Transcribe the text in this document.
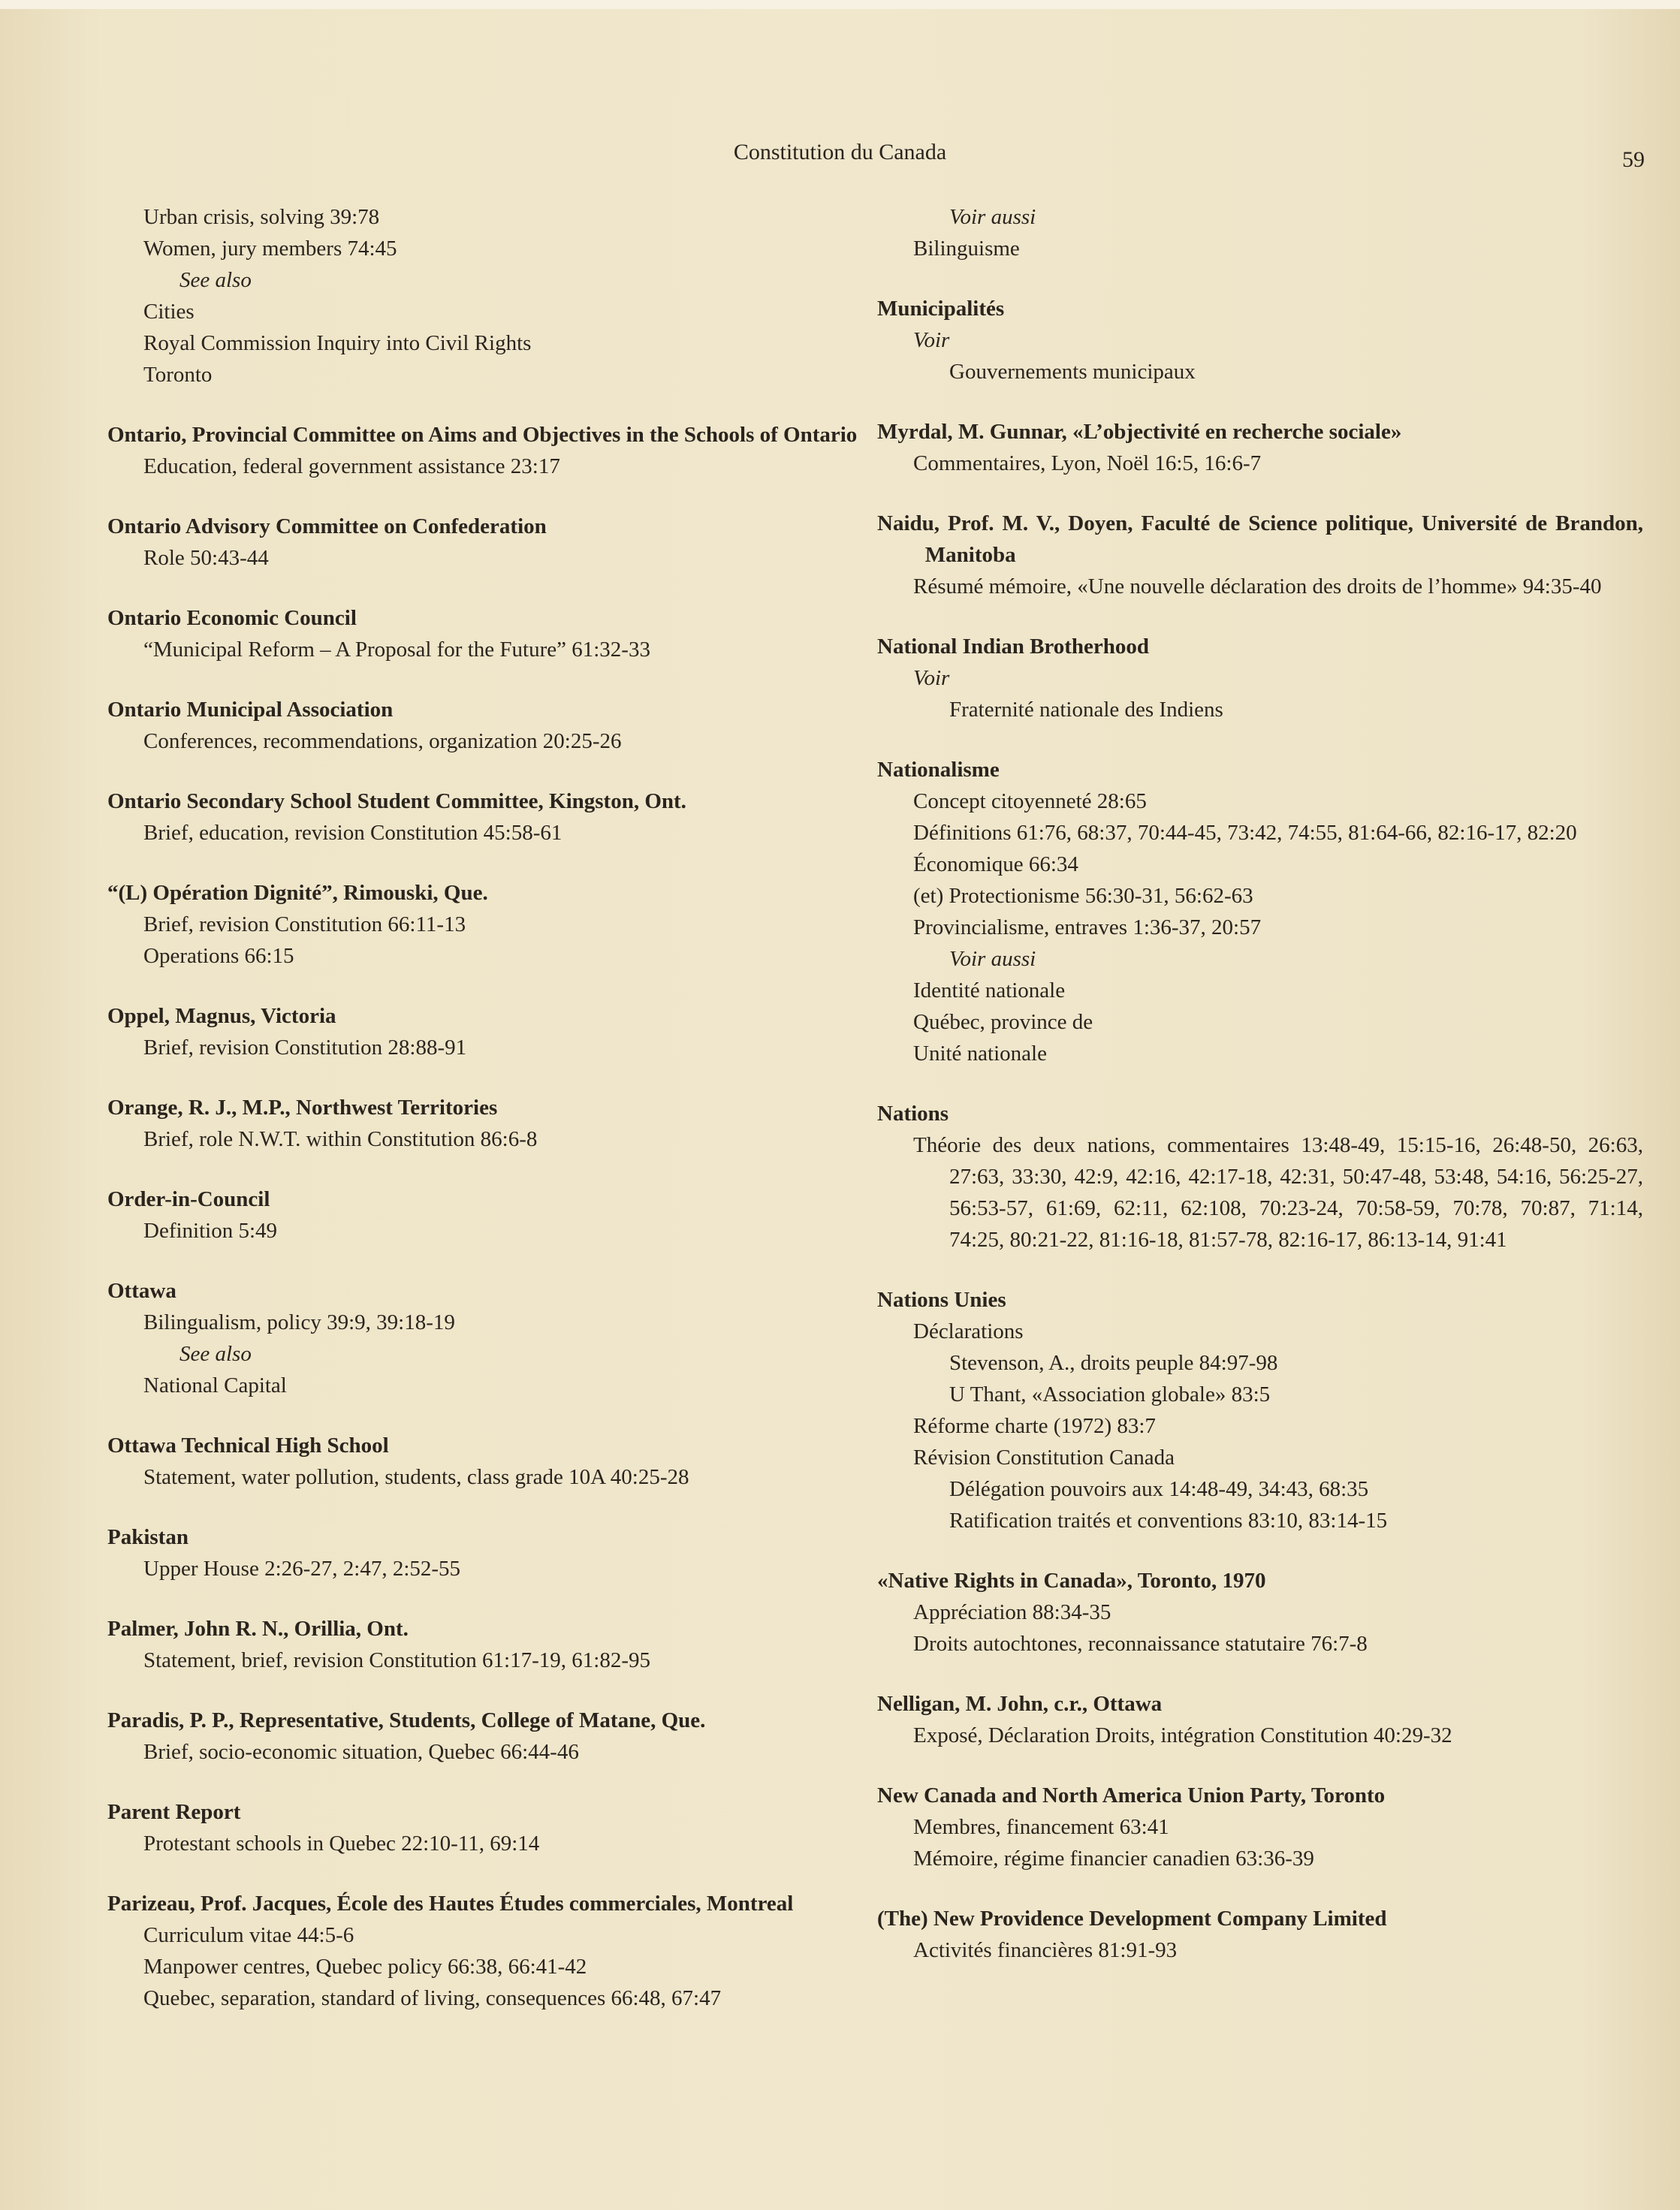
Constitution du Canada	59
Urban crisis, solving 39:78
Women, jury members 74:45
See also
Cities
Royal Commission Inquiry into Civil Rights
Toronto
Ontario, Provincial Committee on Aims and Objectives in the Schools of Ontario
Education, federal government assistance 23:17
Ontario Advisory Committee on Confederation
Role 50:43-44
Ontario Economic Council
“Municipal Reform – A Proposal for the Future” 61:32-33
Ontario Municipal Association
Conferences, recommendations, organization 20:25-26
Ontario Secondary School Student Committee, Kingston, Ont.
Brief, education, revision Constitution 45:58-61
“(L) Opération Dignité”, Rimouski, Que.
Brief, revision Constitution 66:11-13
Operations 66:15
Oppel, Magnus, Victoria
Brief, revision Constitution 28:88-91
Orange, R. J., M.P., Northwest Territories
Brief, role N.W.T. within Constitution 86:6-8
Order-in-Council
Definition 5:49
Ottawa
Bilingualism, policy 39:9, 39:18-19
See also
National Capital
Ottawa Technical High School
Statement, water pollution, students, class grade 10A 40:25-28
Pakistan
Upper House 2:26-27, 2:47, 2:52-55
Palmer, John R. N., Orillia, Ont.
Statement, brief, revision Constitution 61:17-19, 61:82-95
Paradis, P. P., Representative, Students, College of Matane, Que.
Brief, socio-economic situation, Quebec 66:44-46
Parent Report
Protestant schools in Quebec 22:10-11, 69:14
Parizeau, Prof. Jacques, École des Hautes Études commerciales, Montreal
Curriculum vitae 44:5-6
Manpower centres, Quebec policy 66:38, 66:41-42
Quebec, separation, standard of living, consequences 66:48, 67:47
Voir aussi
Bilinguisme
Municipalités
Voir
Gouvernements municipaux
Myrdal, M. Gunnar, «L’objectivité en recherche sociale»
Commentaires, Lyon, Noël 16:5, 16:6-7
Naidu, Prof. M. V., Doyen, Faculté de Science politique, Université de Brandon, Manitoba
Résumé mémoire, «Une nouvelle déclaration des droits de l’homme» 94:35-40
National Indian Brotherhood
Voir
Fraternité nationale des Indiens
Nationalisme
Concept citoyenneté 28:65
Définitions 61:76, 68:37, 70:44-45, 73:42, 74:55, 81:64-66, 82:16-17, 82:20
Économique 66:34
(et) Protectionisme 56:30-31, 56:62-63
Provincialisme, entraves 1:36-37, 20:57
Voir aussi
Identité nationale
Québec, province de
Unité nationale
Nations
Théorie des deux nations, commentaires 13:48-49, 15:15-16, 26:48-50, 26:63, 27:63, 33:30, 42:9, 42:16, 42:17-18, 42:31, 50:47-48, 53:48, 54:16, 56:25-27, 56:53-57, 61:69, 62:11, 62:108, 70:23-24, 70:58-59, 70:78, 70:87, 71:14, 74:25, 80:21-22, 81:16-18, 81:57-78, 82:16-17, 86:13-14, 91:41
Nations Unies
Déclarations
Stevenson, A., droits peuple 84:97-98
U Thant, «Association globale» 83:5
Réforme charte (1972) 83:7
Révision Constitution Canada
Délégation pouvoirs aux 14:48-49, 34:43, 68:35
Ratification traités et conventions 83:10, 83:14-15
«Native Rights in Canada», Toronto, 1970
Appréciation 88:34-35
Droits autochtones, reconnaissance statutaire 76:7-8
Nelligan, M. John, c.r., Ottawa
Exposé, Déclaration Droits, intégration Constitution 40:29-32
New Canada and North America Union Party, Toronto
Membres, financement 63:41
Mémoire, régime financier canadien 63:36-39
(The) New Providence Development Company Limited
Activités financières 81:91-93
